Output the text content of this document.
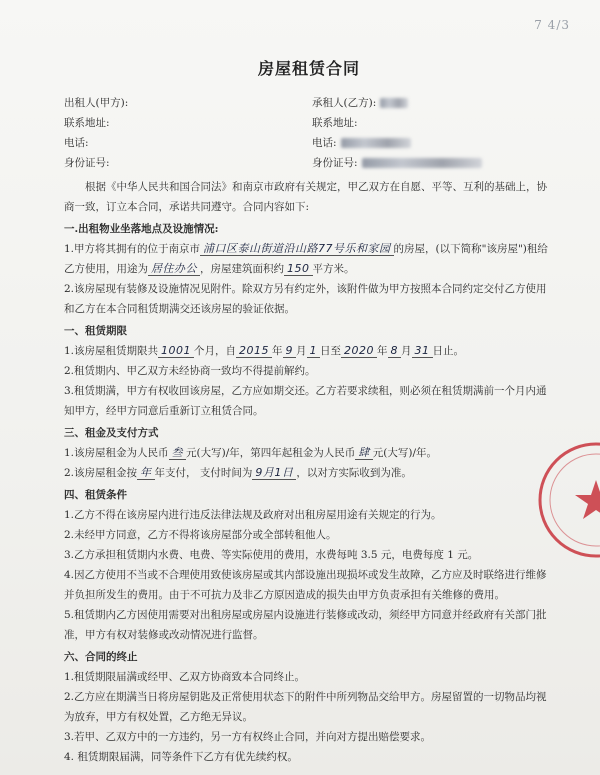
7 4/3
房屋租赁合同
出租人(甲方):	承租人(乙方):
联系地址:	联系地址:
电话:	电话:
身份证号:	身份证号:

根据《中华人民共和国合同法》和南京市政府有关规定，甲乙双方在自愿、平等、互利的基础上，协商一致，订立本合同，承诺共同遵守。合同内容如下:

一.出租物业坐落地点及设施情况:

1.甲方将其拥有的位于南京市 浦口区泰山街道沿山路77号乐和家园 的房屋，(以下简称"该房屋")租给
乙方使用，用途为 居住办公 ，房屋建筑面积约 150 平方米。

2.该房屋现有装修及设施情况见附件。除双方另有约定外，该附件做为甲方按照本合同约定交付乙方使用和乙方在本合同租赁期满交还该房屋的验证依据。

一、租赁期限

1.该房屋租赁期限共 1001 个月，自 2015 年 9 月 1 日至 2020 年 8 月 31 日止。

2.租赁期内、甲乙双方未经协商一致均不得提前解约。

3.租赁期满，甲方有权收回该房屋，乙方应如期交还。乙方若要求续租，则必须在租赁期满前一个月内通知甲方，经甲方同意后重新订立租赁合同。

三、租金及支付方式

1.该房屋租金为人民币 叁 元(大写)/年，第四年起租金为人民币 肆 元(大写)/年。

2.该房屋租金按 年 年支付， 支付时间为 9月1日 ，以对方实际收到为准。

四、租赁条件

1.乙方不得在该房屋内进行违反法律法规及政府对出租房屋用途有关规定的行为。

2.未经甲方同意，乙方不得将该房屋部分或全部转租他人。

3.乙方承担租赁期内水费、电费、等实际使用的费用，水费每吨 3.5 元，电费每度 1 元。

4.因乙方使用不当或不合理使用致使该房屋或其内部设施出现损坏或发生故障，乙方应及时联络进行维修并负担所发生的费用。由于不可抗力及非乙方原因造成的损失由甲方负责承担有关维修的费用。

5.租赁期内乙方因使用需要对出租房屋或房屋内设施进行装修或改动，须经甲方同意并经政府有关部门批准，甲方有权对装修或改动情况进行监督。

六、合同的终止

1.租赁期限届满或经甲、乙双方协商致本合同终止。

2.乙方应在期满当日将房屋钥匙及正常使用状态下的附件中所列物品交给甲方。房屋留置的一切物品均视为放弃，甲方有权处置，乙方绝无异议。

3.若甲、乙双方中的一方违约，另一方有权终止合同，并向对方提出赔偿要求。

4. 租赁期限届满，同等条件下乙方有优先续约权。
